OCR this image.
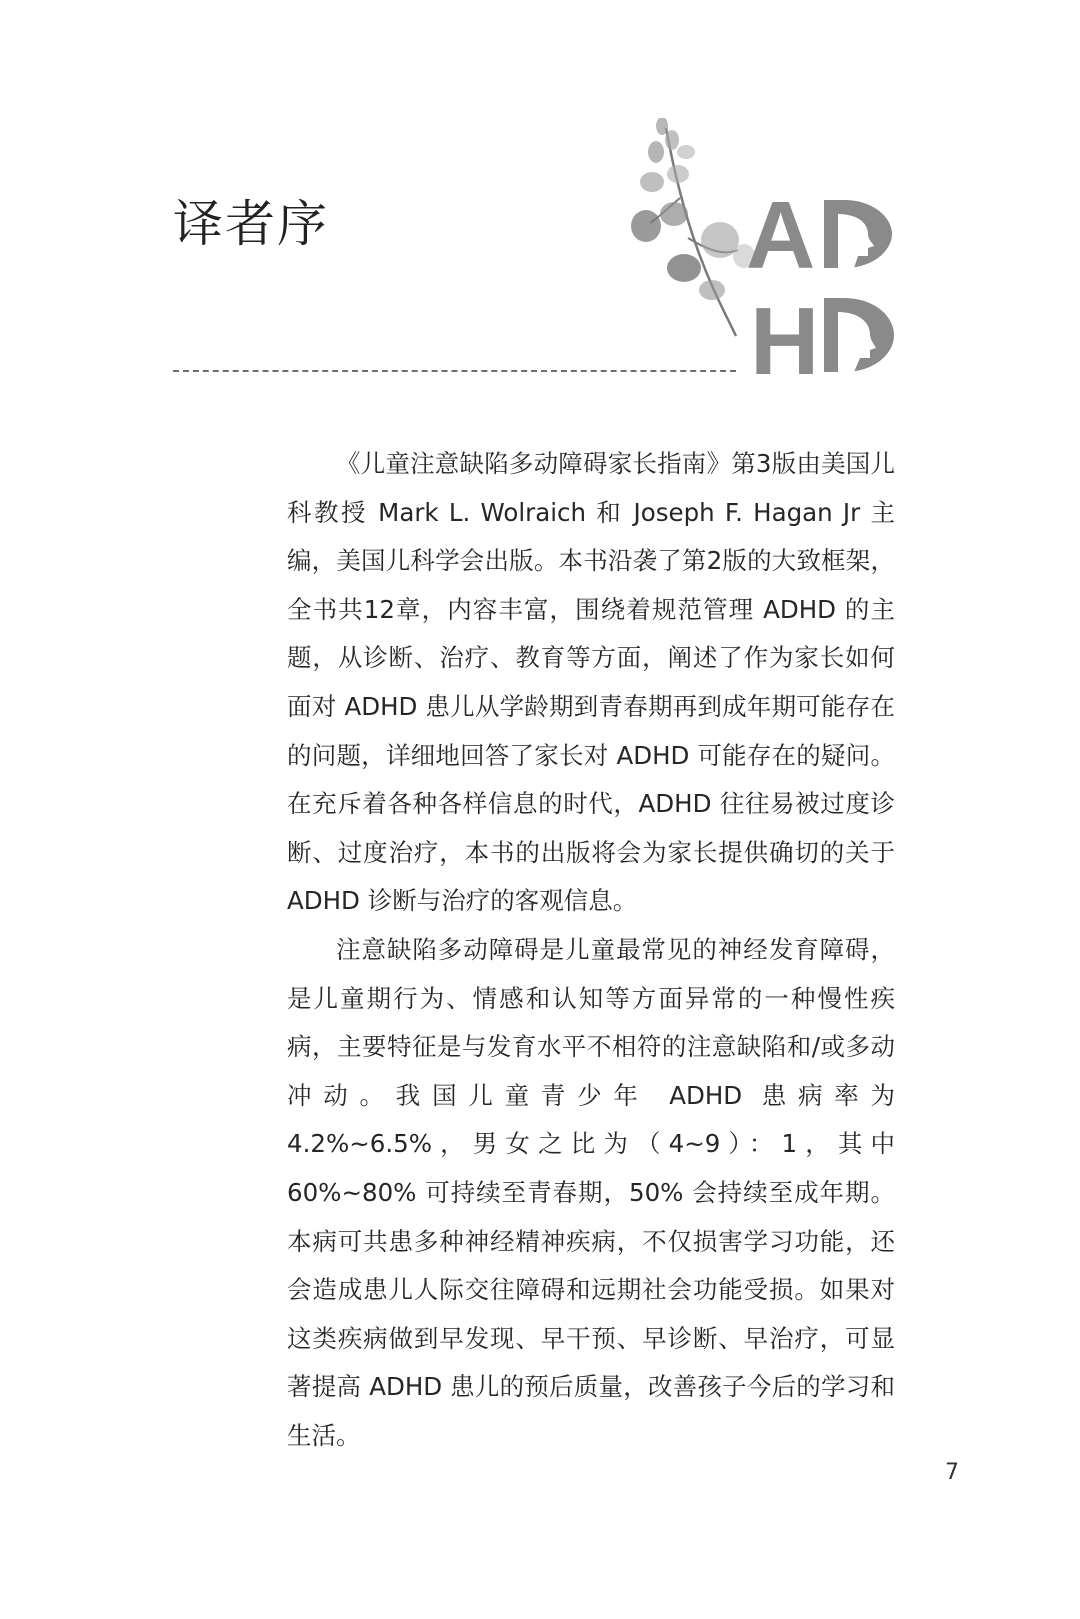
译者序	A
H

《儿童注意缺陷多动障碍家长指南》第3版由美国儿科教授 Mark L. Wolraich 和 Joseph F. Hagan Jr 主编，美国儿科学会出版。本书沿袭了第2版的大致框架，全书共12章，内容丰富，围绕着规范管理 ADHD 的主题，从诊断、治疗、教育等方面，阐述了作为家长如何面对 ADHD 患儿从学龄期到青春期再到成年期可能存在的问题，详细地回答了家长对 ADHD 可能存在的疑问。在充斥着各种各样信息的时代，ADHD 往往易被过度诊断、过度治疗，本书的出版将会为家长提供确切的关于 ADHD 诊断与治疗的客观信息。

注意缺陷多动障碍是儿童最常见的神经发育障碍，是儿童期行为、情感和认知等方面异常的一种慢性疾病，主要特征是与发育水平不相符的注意缺陷和/或多动冲动。我国儿童青少年 ADHD 患病率为 4.2%~6.5%，男女之比为（4~9）：1，其中 60%~80% 可持续至青春期，50% 会持续至成年期。本病可共患多种神经精神疾病，不仅损害学习功能，还会造成患儿人际交往障碍和远期社会功能受损。如果对这类疾病做到早发现、早干预、早诊断、早治疗，可显著提高 ADHD 患儿的预后质量，改善孩子今后的学习和生活。

7
